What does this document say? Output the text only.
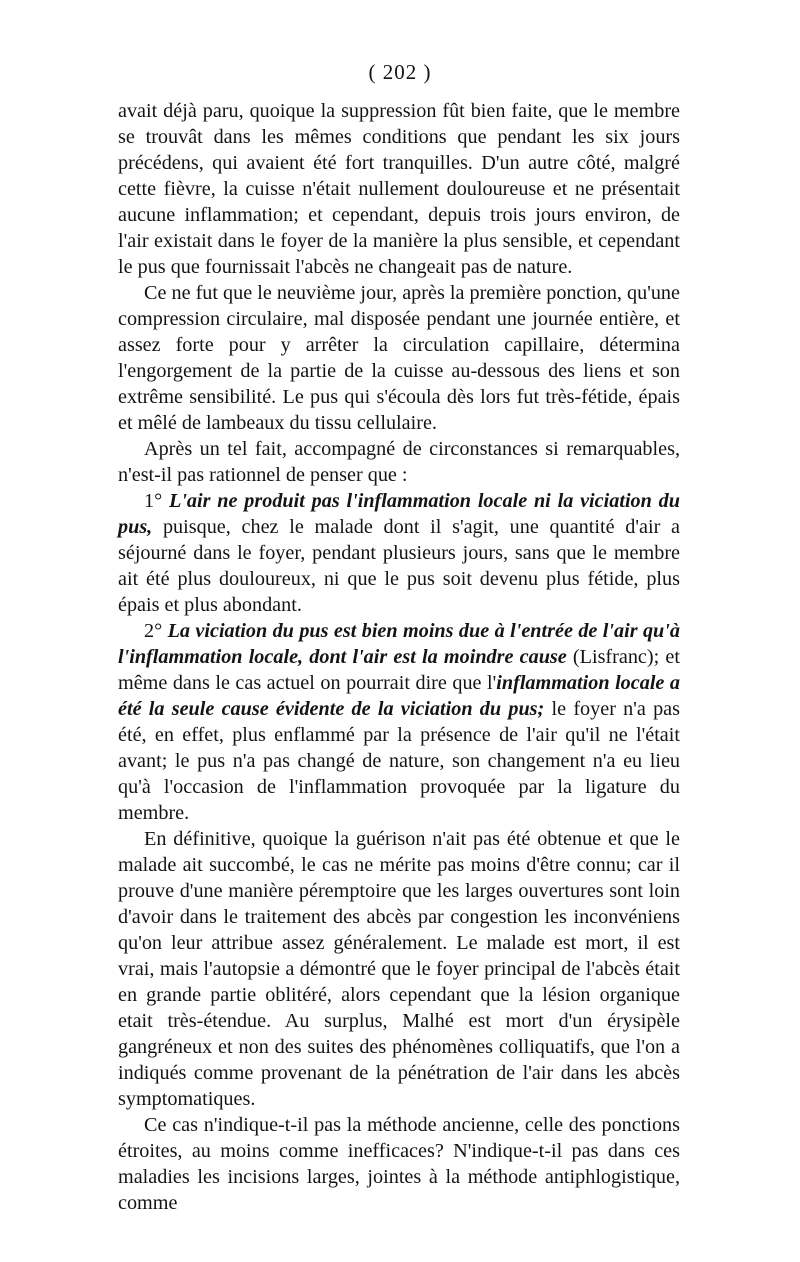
( 202 )

avait déjà paru, quoique la suppression fût bien faite, que le membre se trouvât dans les mêmes conditions que pendant les six jours précédens, qui avaient été fort tranquilles. D'un autre côté, malgré cette fièvre, la cuisse n'était nullement douloureuse et ne présentait aucune inflammation; et cependant, depuis trois jours environ, de l'air existait dans le foyer de la manière la plus sensible, et cependant le pus que fournissait l'abcès ne changeait pas de nature.

Ce ne fut que le neuvième jour, après la première ponction, qu'une compression circulaire, mal disposée pendant une journée entière, et assez forte pour y arrêter la circulation capillaire, détermina l'engorgement de la partie de la cuisse au-dessous des liens et son extrême sensibilité. Le pus qui s'écoula dès lors fut très-fétide, épais et mêlé de lambeaux du tissu cellulaire.

Après un tel fait, accompagné de circonstances si remarquables, n'est-il pas rationnel de penser que :

1° L'air ne produit pas l'inflammation locale ni la viciation du pus, puisque, chez le malade dont il s'agit, une quantité d'air a séjourné dans le foyer, pendant plusieurs jours, sans que le membre ait été plus douloureux, ni que le pus soit devenu plus fétide, plus épais et plus abondant.

2° La viciation du pus est bien moins due à l'entrée de l'air qu'à l'inflammation locale, dont l'air est la moindre cause (Lisfranc); et même dans le cas actuel on pourrait dire que l'inflammation locale a été la seule cause évidente de la viciation du pus; le foyer n'a pas été, en effet, plus enflammé par la présence de l'air qu'il ne l'était avant; le pus n'a pas changé de nature, son changement n'a eu lieu qu'à l'occasion de l'inflammation provoquée par la ligature du membre.

En définitive, quoique la guérison n'ait pas été obtenue et que le malade ait succombé, le cas ne mérite pas moins d'être connu; car il prouve d'une manière péremptoire que les larges ouvertures sont loin d'avoir dans le traitement des abcès par congestion les inconvéniens qu'on leur attribue assez généralement. Le malade est mort, il est vrai, mais l'autopsie a démontré que le foyer principal de l'abcès était en grande partie oblitéré, alors cependant que la lésion organique etait très-étendue. Au surplus, Malhé est mort d'un érysipèle gangréneux et non des suites des phénomènes colliquatifs, que l'on a indiqués comme provenant de la pénétration de l'air dans les abcès symptomatiques.

Ce cas n'indique-t-il pas la méthode ancienne, celle des ponctions étroites, au moins comme inefficaces? N'indique-t-il pas dans ces maladies les incisions larges, jointes à la méthode antiphlogistique, comme
